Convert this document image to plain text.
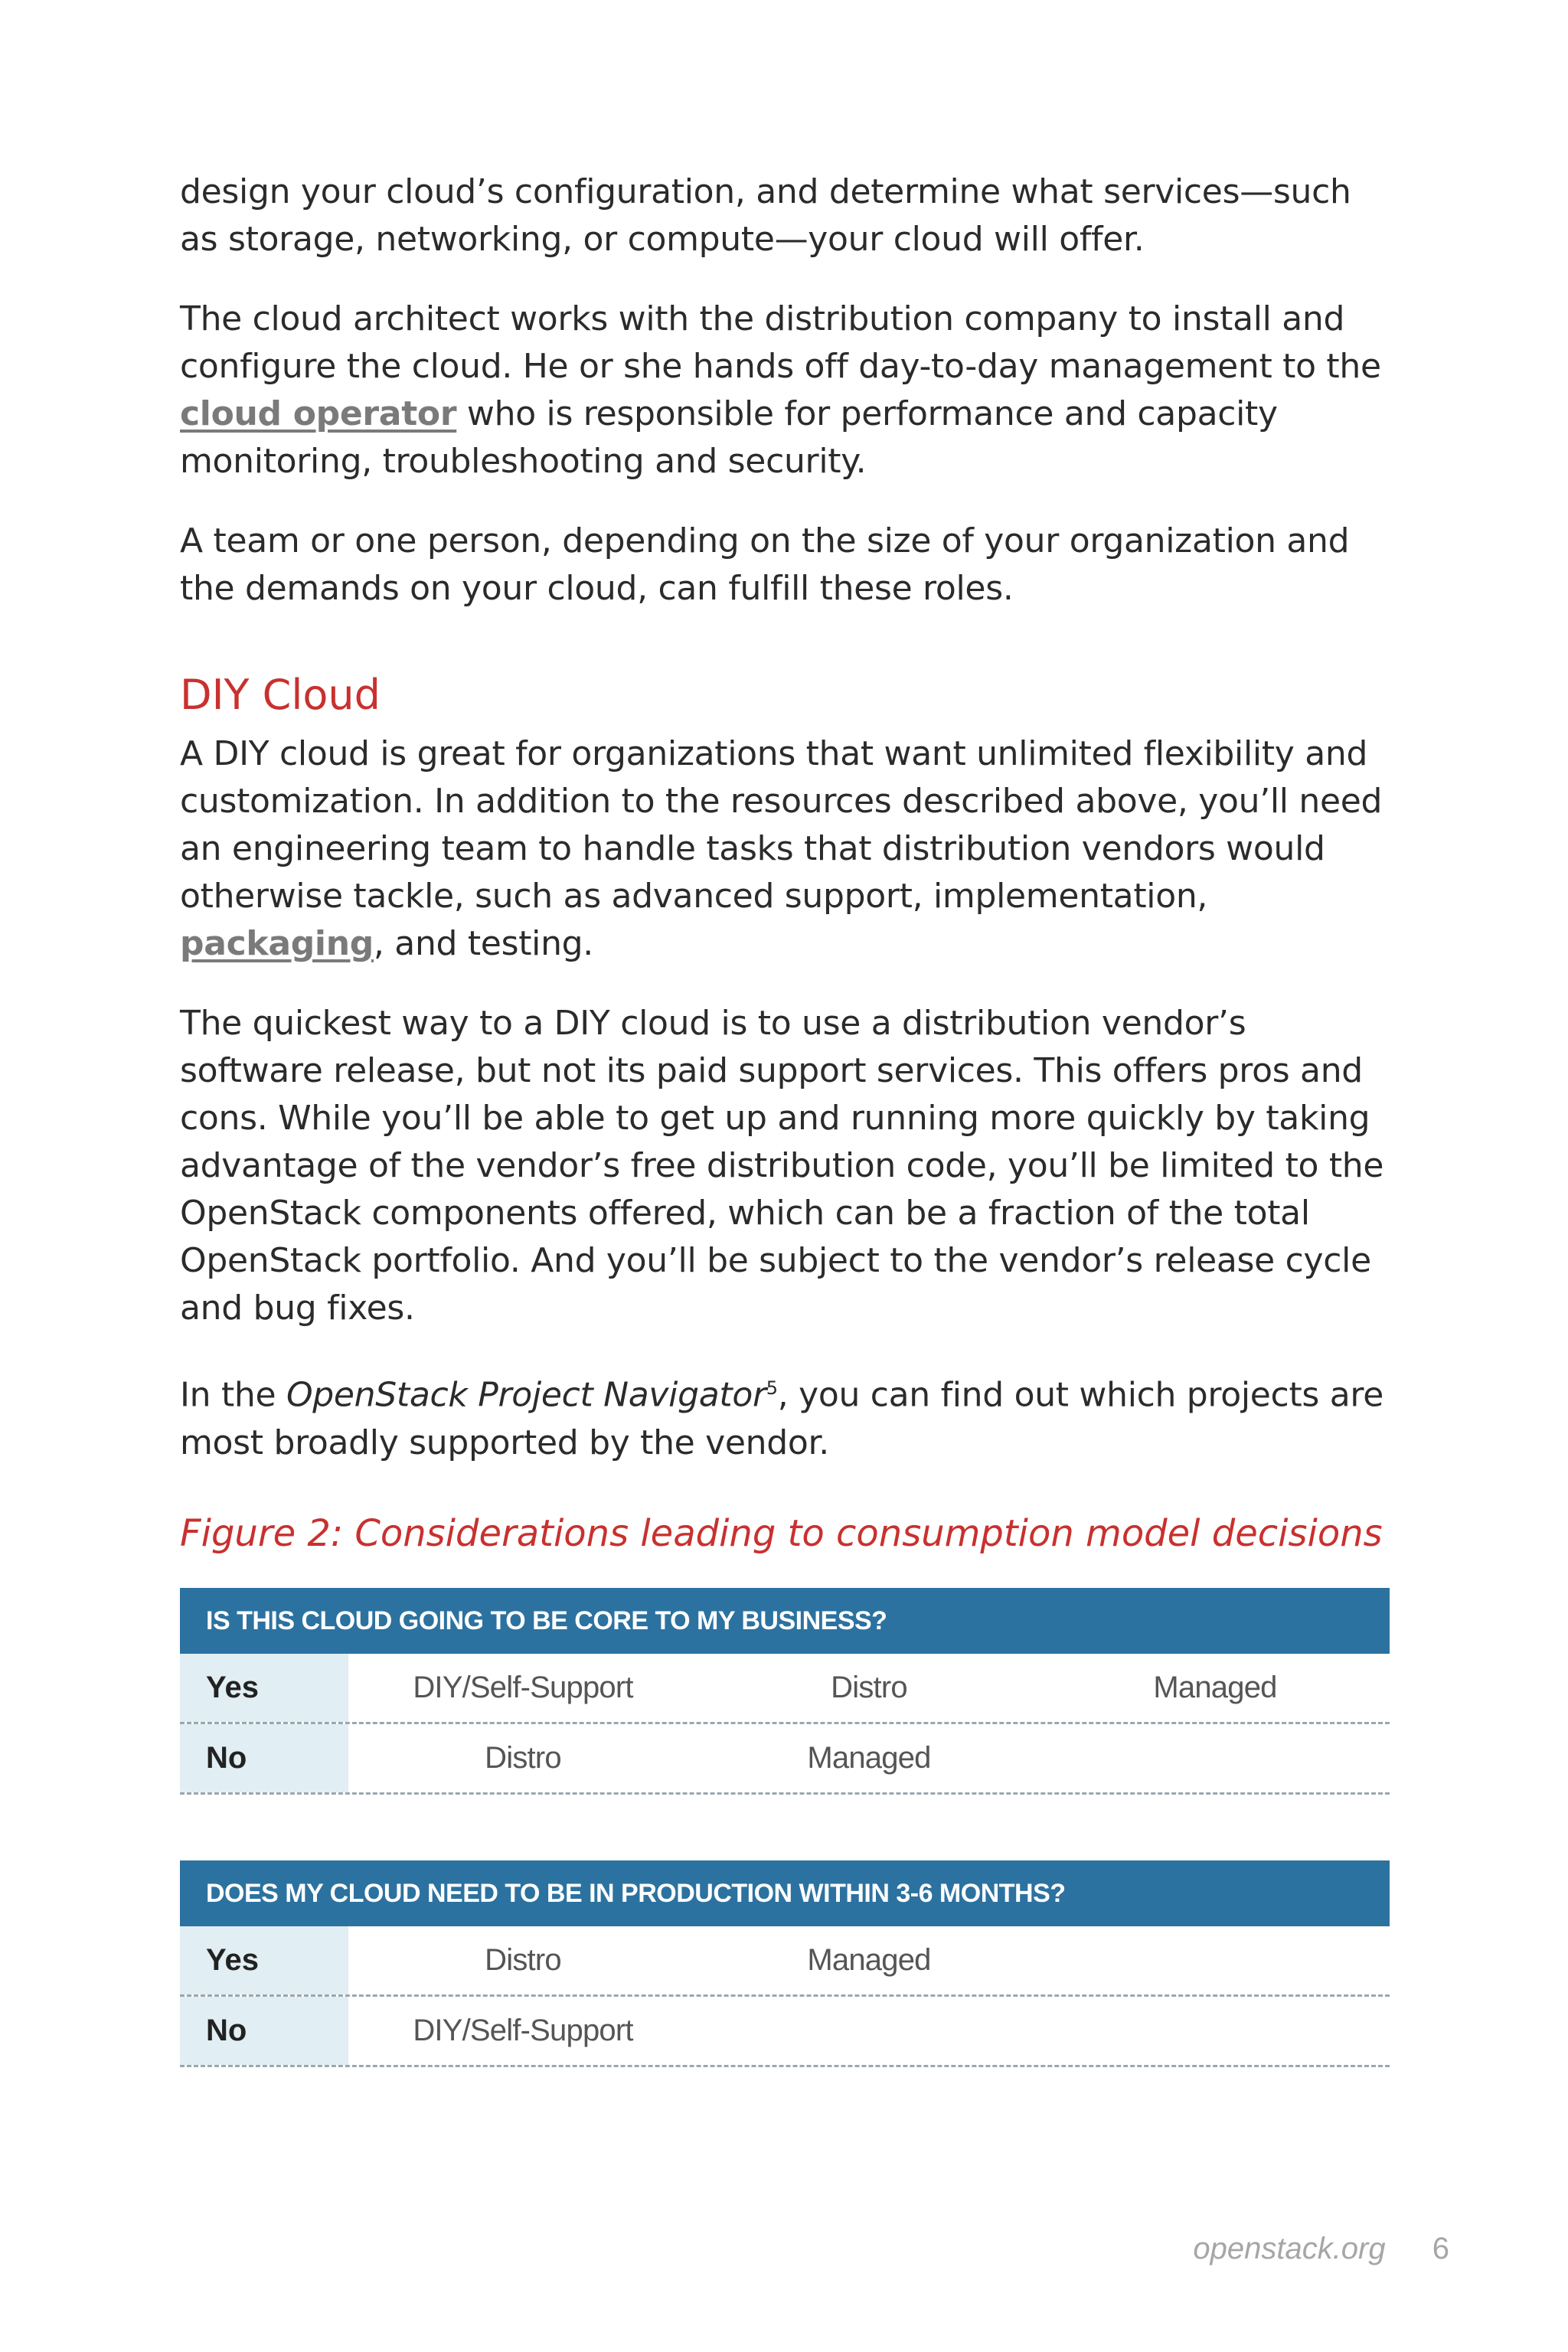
design your cloud’s configuration, and determine what services—such as storage, networking, or compute—your cloud will offer.

The cloud architect works with the distribution company to install and configure the cloud. He or she hands off day-to-day management to the cloud operator who is responsible for performance and capacity monitoring, troubleshooting and security.

A team or one person, depending on the size of your organization and the demands on your cloud, can fulfill these roles.

DIY Cloud

A DIY cloud is great for organizations that want unlimited flexibility and customization. In addition to the resources described above, you’ll need an engineering team to handle tasks that distribution vendors would otherwise tackle, such as advanced support, implementation, packaging, and testing.

The quickest way to a DIY cloud is to use a distribution vendor’s software release, but not its paid support services. This offers pros and cons. While you’ll be able to get up and running more quickly by taking advantage of the vendor’s free distribution code, you’ll be limited to the OpenStack components offered, which can be a fraction of the total OpenStack portfolio. And you’ll be subject to the vendor’s release cycle and bug fixes.

In the OpenStack Project Navigator$^5$, you can find out which projects are most broadly supported by the vendor.

Figure 2: Considerations leading to consumption model decisions
IS THIS CLOUD GOING TO BE CORE TO MY BUSINESS?
Yes	DIY/Self-Support	Distro	Managed
No	Distro	Managed
DOES MY CLOUD NEED TO BE IN PRODUCTION WITHIN 3-6 MONTHS?
Yes	Distro	Managed
No	DIY/Self-Support
openstack.org 6
